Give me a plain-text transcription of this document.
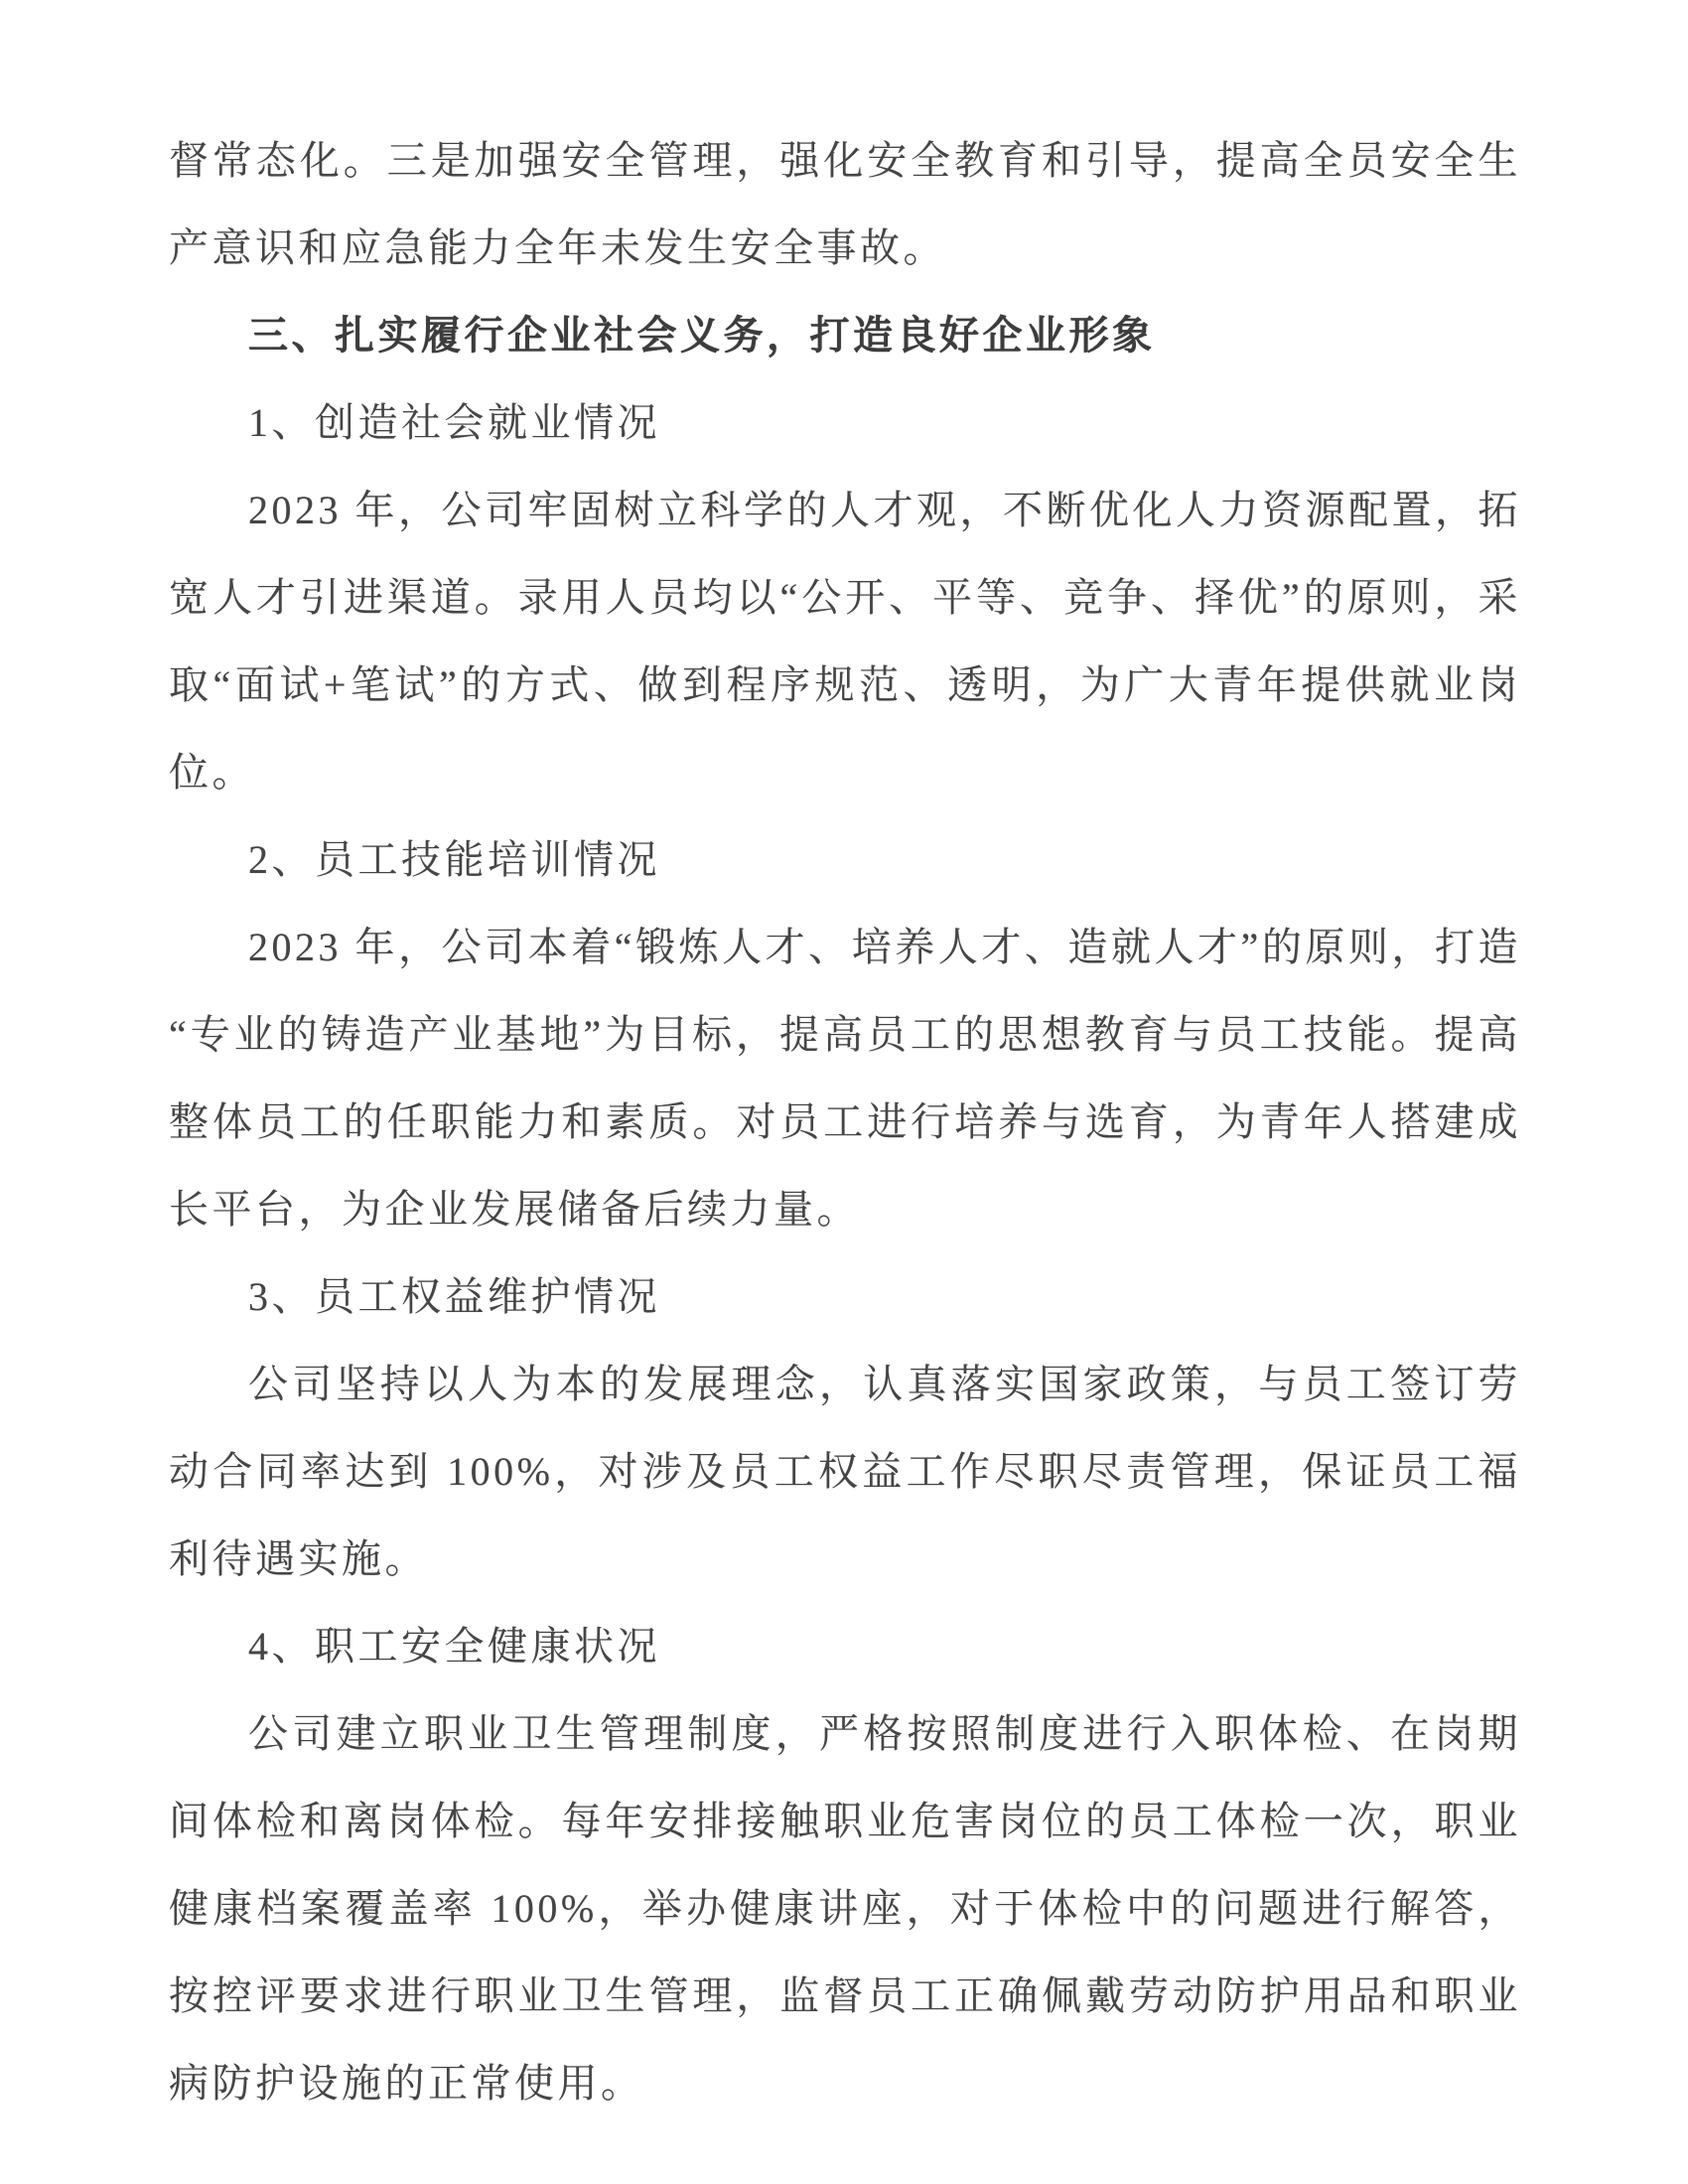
督常态化。三是加强安全管理，强化安全教育和引导，提高全员安全生产意识和应急能力全年未发生安全事故。

三、扎实履行企业社会义务，打造良好企业形象

1、创造社会就业情况

2023 年，公司牢固树立科学的人才观，不断优化人力资源配置，拓宽人才引进渠道。录用人员均以“公开、平等、竞争、择优”的原则，采取“面试+笔试”的方式、做到程序规范、透明，为广大青年提供就业岗位。

2、员工技能培训情况

2023 年，公司本着“锻炼人才、培养人才、造就人才”的原则，打造“专业的铸造产业基地”为目标，提高员工的思想教育与员工技能。提高整体员工的任职能力和素质。对员工进行培养与选育，为青年人搭建成长平台，为企业发展储备后续力量。

3、员工权益维护情况

公司坚持以人为本的发展理念，认真落实国家政策，与员工签订劳动合同率达到 100%，对涉及员工权益工作尽职尽责管理，保证员工福利待遇实施。

4、职工安全健康状况

公司建立职业卫生管理制度，严格按照制度进行入职体检、在岗期间体检和离岗体检。每年安排接触职业危害岗位的员工体检一次，职业健康档案覆盖率 100%，举办健康讲座，对于体检中的问题进行解答，按控评要求进行职业卫生管理，监督员工正确佩戴劳动防护用品和职业病防护设施的正常使用。
